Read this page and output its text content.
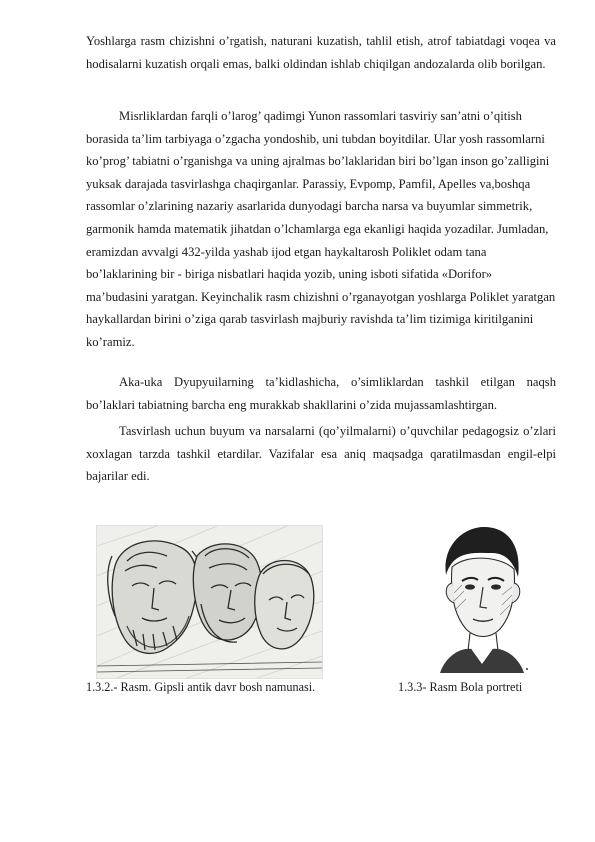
Yoshlarga rasm chizishni o’rgatish, naturani kuzatish, tahlil etish, atrof tabiatdagi voqea va hodisalarni kuzatish orqali emas, balki oldindan ishlab chiqilgan andozalarda olib borilgan.

Misrliklardan farqli o’larog’ qadimgi Yunon rassomlari tasviriy san’atni o’qitish borasida ta’lim tarbiyaga o’zgacha yondoshib, uni tubdan boyitdilar. Ular yosh rassomlarni ko’prog’ tabiatni o’rganishga va uning ajralmas bo’laklaridan biri bo’lgan inson go’zalligini yuksak darajada tasvirlashga chaqirganlar. Parassiy, Evpomp, Pamfil, Apelles va,boshqa rassomlar o’zlarining nazariy asarlarida dunyodagi barcha narsa va buyumlar simmetrik, garmonik hamda matematik jihatdan o’lchamlarga ega ekanligi haqida yozadilar. Jumladan, eramizdan avvalgi 432-yilda yashab ijod etgan haykaltarosh Poliklet odam tana bo’laklarining bir - biriga nisbatlari haqida yozib, uning isboti sifatida «Dorifor» ma’budasini yaratgan. Keyinchalik rasm chizishni o’rganayotgan yoshlarga Poliklet yaratgan haykallardan birini o’ziga qarab tasvirlash majburiy ravishda ta’lim tizimiga kiritilganini ko’ramiz.

Aka-uka Dyupyuilarning ta’kidlashicha, o’simliklardan tashkil etilgan naqsh bo’laklari tabiatning barcha eng murakkab shakllarini o’zida mujassamlashtirgan.

Tasvirlash uchun buyum va narsalarni (qo’yilmalarni) o’quvchilar pedagogsiz o’zlari xoxlagan tarzda tashkil etardilar. Vazifalar esa aniq maqsadga qaratilmasdan engil-elpi bajarilar edi.

1.3.2.- Rasm. Gipsli antik davr bosh namunasi.	1.3.3- Rasm Bola portreti
